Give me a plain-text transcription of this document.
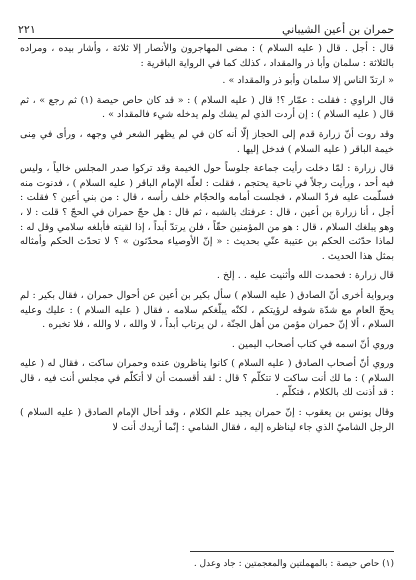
حمران بن أعين الشيباني
٢٢١

قال : أجل . قال ( عليه السلام ) : مضى المهاجرون والأنصار إلا ثلاثة ، وأشار بيده ، ومراده بالثلاثة : سلمان وأبا ذر والمقداد ، كذلك كما في الرواية الباقرية :

« ارتدّ الناس إلا سلمان وأبو ذر والمقداد » .

قال الراوي : فقلت : عمّار ؟! قال ( عليه السلام ) : « قد كان حاص حيصة (١) ثم رجع » ، ثم قال ( عليه السلام ) : إن أردت الذي لم يشك ولم يدخله شيء فالمقداد » .

وقد روت أنّ زرارة قدم إلى الحجاز إلّا أنه كان في لم يظهر الشعر في وجهه ، ورأى في مِنى خيمة الباقر ( عليه السلام ) فدخل إليها .

قال زرارة : لمّا دخلت رأيت جماعة جلوساً حول الخيمة وقد تركوا صدر المجلس خالياً ، وليس فيه أحد ، ورأيت رجلاً في ناحية يحتجم ، فقلت : لعلّه الإمام الباقر ( عليه السلام ) ، فدنوت منه فسلّمت عليه فردّ السلام ، فجلست أمامه والحجّام خلف رأسه ، قال : من بني أعين ؟ فقلت : أجل ، أنا زرارة بن أعين ، قال : عرفتك بالشبه ، ثم قال : هل حجّ حمران في الحجّ ؟ قلت : لا ، وهو يبلغك السلام ، قال : هو من المؤمنين حقّاً ، فلن يرتدّ أبداً ، إذا لقيته فأبلغه سلامي وقل له : لماذا حدّثت الحكم بن عتيبة عنّي بحديث : « إنّ الأوصياء محدّثون » ؟ لا تحدّث الحكم وأمثاله بمثل هذا الحديث .

قال زرارة : فحمدت الله وأثنيت عليه . . إلخ .

وبرواية أخرى أنّ الصادق ( عليه السلام ) سأل بكير بن أعين عن أحوال حمران ، فقال بكير : لم يحجّ العام مع شدّة شوقه لرؤيتكم ، لكنّه يبلّغكم سلامه ، فقال ( عليه السلام ) : عليك وعليه السلام ، ألا إنّ حمران مؤمن من أهل الجنّة ، لن يرتاب أبداً ، لا والله ، لا والله ، فلا تخبره .

وروي أنّ اسمه في كتاب أصحاب اليمين .

وروي أنّ أصحاب الصادق ( عليه السلام ) كانوا يناظرون عنده وحمران ساكت ، فقال له ( عليه السلام ) : ما لك أنت ساكت لا تتكلّم ؟ قال : لقد أقسمت أن لا أتكلّم في مجلس أنت فيه ، قال : قد أذنت لك بالكلام ، فتكلّم .

وقال يونس بن يعقوب : إنّ حمران يجيد علم الكلام ، وقد أحال الإمام الصادق ( عليه السلام ) الرجل الشاميّ الذي جاء ليناظره إليه ، فقال الشامي : إنّما أريدك أنت لا

(١) حاص حيصة : بالمهملتين والمعجمتين : جاد وعدل .
